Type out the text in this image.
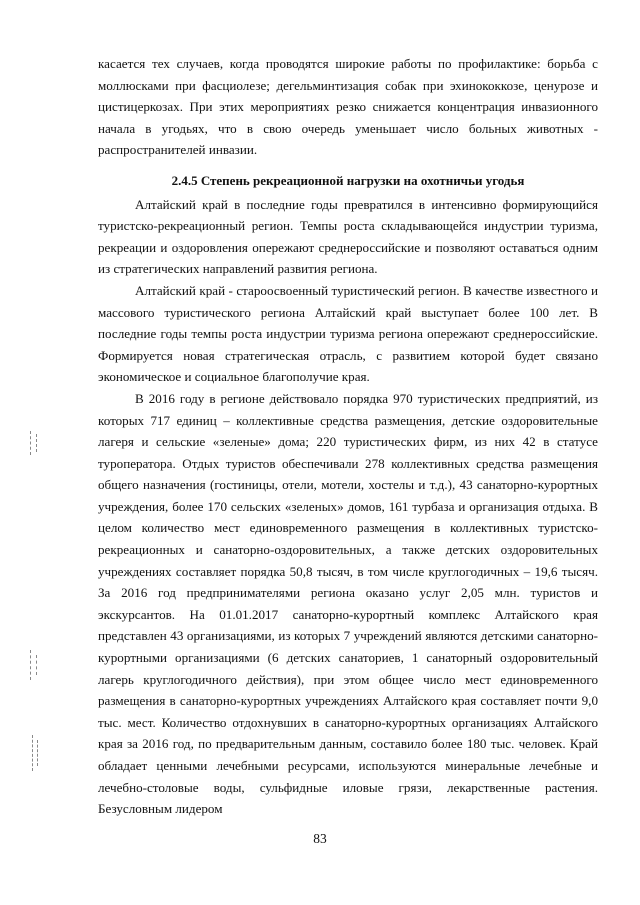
касается тех случаев, когда проводятся широкие работы по профилактике: борьба с моллюсками при фасциолезе; дегельминтизация собак при эхинококкозе, ценурозе и цистицеркозах. При этих мероприятиях резко снижается концентрация инвазионного начала в угодьях, что в свою очередь уменьшает число больных животных - распространителей инвазии.

2.4.5 Степень рекреационной нагрузки на охотничьи угодья

Алтайский край в последние годы превратился в интенсивно формирующийся туристско-рекреационный регион. Темпы роста складывающейся индустрии туризма, рекреации и оздоровления опережают среднероссийские и позволяют оставаться одним из стратегических направлений развития региона.

Алтайский край - староосвоенный туристический регион. В качестве известного и массового туристического региона Алтайский край выступает более 100 лет. В последние годы темпы роста индустрии туризма региона опережают среднероссийские. Формируется новая стратегическая отрасль, с развитием которой будет связано экономическое и социальное благополучие края.

В 2016 году в регионе действовало порядка 970 туристических предприятий, из которых 717 единиц – коллективные средства размещения, детские оздоровительные лагеря и сельские «зеленые» дома; 220 туристических фирм, из них 42 в статусе туроператора. Отдых туристов обеспечивали 278 коллективных средства размещения общего назначения (гостиницы, отели, мотели, хостелы и т.д.), 43 санаторно-курортных учреждения, более 170 сельских «зеленых» домов, 161 турбаза и организация отдыха. В целом количество мест единовременного размещения в коллективных туристско-рекреационных и санаторно-оздоровительных, а также детских оздоровительных учреждениях составляет порядка 50,8 тысяч, в том числе круглогодичных – 19,6 тысяч. За 2016 год предпринимателями региона оказано услуг 2,05 млн. туристов и экскурсантов. На 01.01.2017 санаторно-курортный комплекс Алтайского края представлен 43 организациями, из которых 7 учреждений являются детскими санаторно-курортными организациями (6 детских санаториев, 1 санаторный оздоровительный лагерь круглогодичного действия), при этом общее число мест единовременного размещения в санаторно-курортных учреждениях Алтайского края составляет почти 9,0 тыс. мест. Количество отдохнувших в санаторно-курортных организациях Алтайского края за 2016 год, по предварительным данным, составило более 180 тыс. человек. Край обладает ценными лечебными ресурсами, используются минеральные лечебные и лечебно-столовые воды, сульфидные иловые грязи, лекарственные растения. Безусловным лидером

83
